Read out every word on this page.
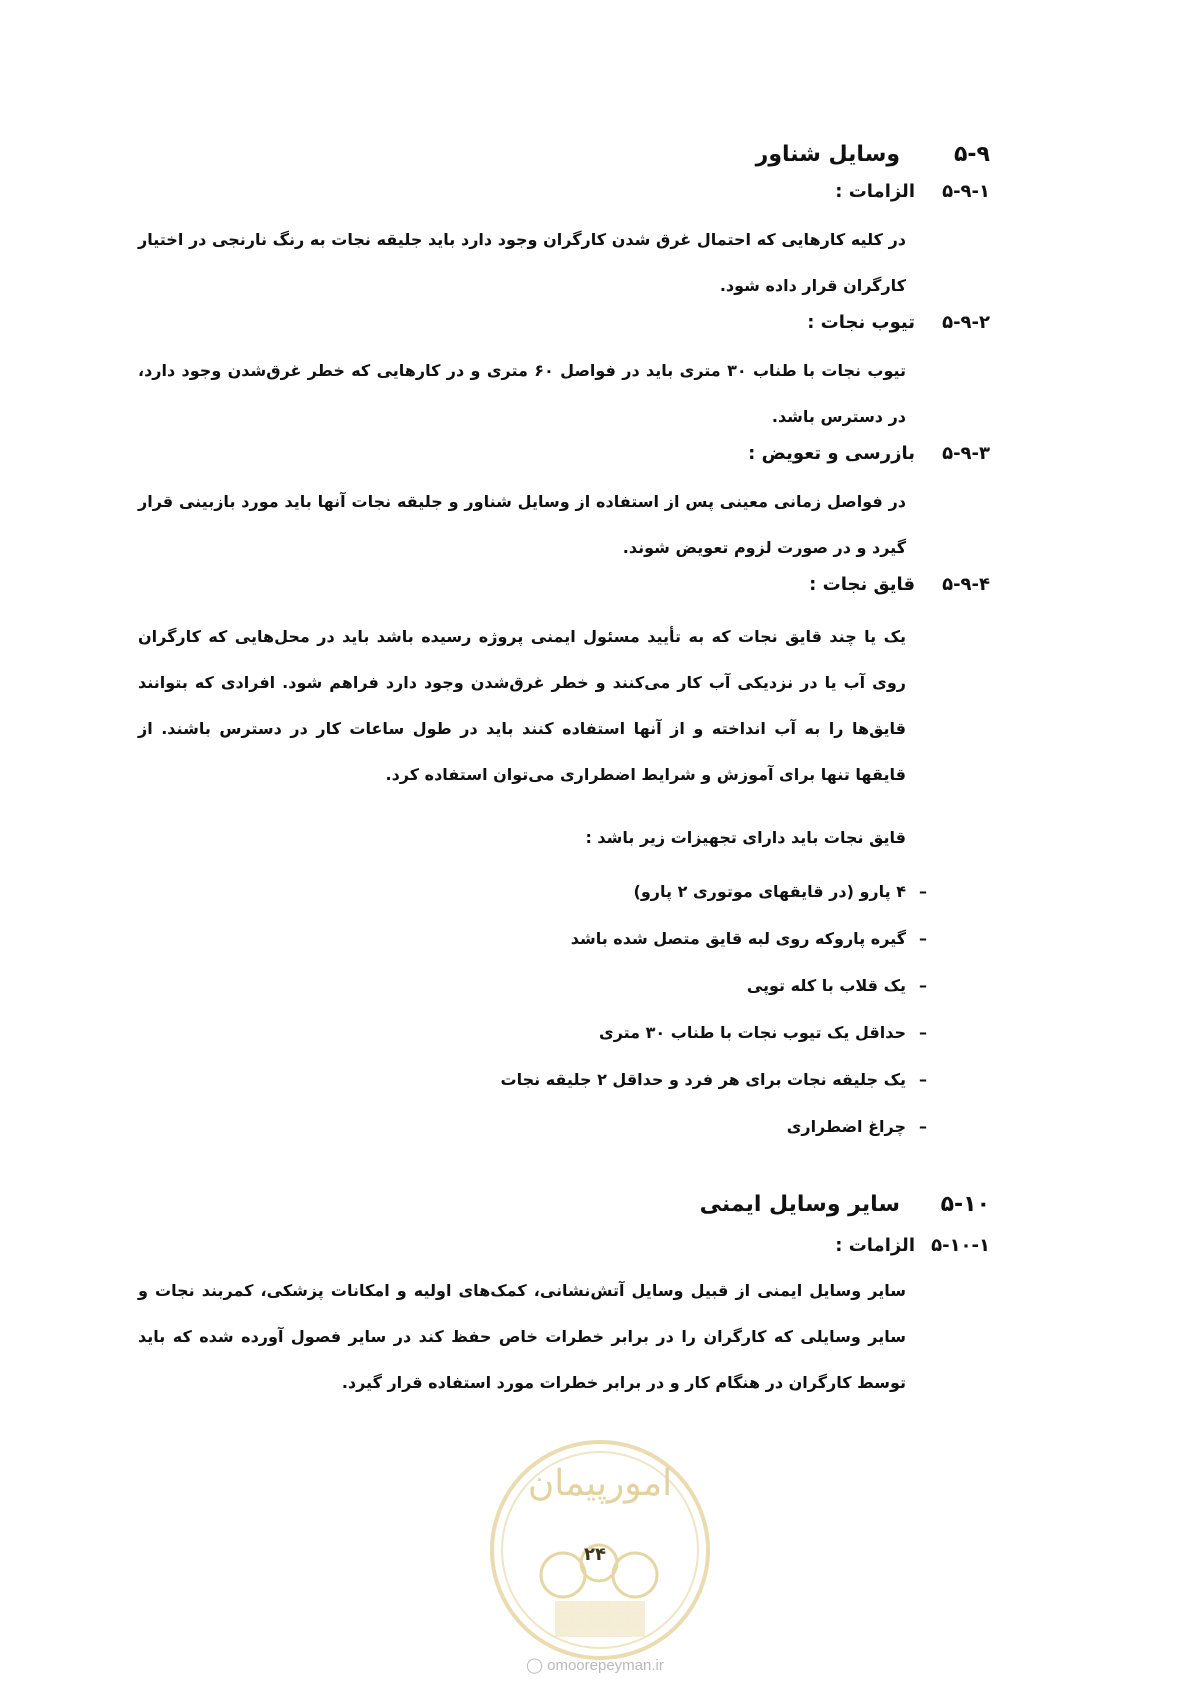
۵-۹وسایل شناور
۵-۹-۱الزامات :
در کلیه کارهایی که احتمال غرق شدن کارگران وجود دارد باید جلیقه نجات به رنگ نارنجی در اختیار کارگران قرار داده شود.
۵-۹-۲تیوب نجات :
تیوب نجات با طناب ۳۰ متری باید در فواصل ۶۰ متری و در کارهایی که خطر غرق‌شدن وجود دارد، در دسترس باشد.
۵-۹-۳بازرسی و تعویض :
در فواصل زمانی معینی پس از استفاده از وسایل شناور و جلیقه نجات آنها باید مورد بازبینی قرار گیرد و در صورت لزوم تعویض شوند.
۵-۹-۴قایق نجات :
یک یا چند قایق نجات که به تأیید مسئول ایمنی پروژه رسیده باشد باید در محل‌هایی که کارگران روی آب یا در نزدیکی آب کار می‌کنند و خطر غرق‌شدن وجود دارد فراهم شود. افرادی که بتوانند قایق‌ها را به آب انداخته و از آنها استفاده کنند باید در طول ساعات کار در دسترس باشند. از قایقها تنها برای آموزش و شرایط اضطراری می‌توان استفاده کرد.
قایق نجات باید دارای تجهیزات زیر باشد :
–۴ پارو (در قایقهای موتوری ۲ پارو)
–گیره پاروکه روی لبه قایق متصل شده باشد
–یک قلاب با کله توپی
–حداقل یک تیوب نجات با طناب ۳۰ متری
–یک جلیقه نجات برای هر فرد و حداقل ۲ جلیقه نجات
–چراغ اضطراری
۵-۱۰سایر وسایل ایمنی
۵-۱۰-۱الزامات :
سایر وسایل ایمنی از قبیل وسایل آتش‌نشانی، کمک‌های اولیه و امکانات پزشکی، کمربند نجات و سایر وسایلی که کارگران را در برابر خطرات خاص حفظ کند در سایر فصول آورده شده که باید توسط کارگران در هنگام کار و در برابر خطرات مورد استفاده قرار گیرد.
امورپیمان
۲۴
◯ omoorepeyman.ir
